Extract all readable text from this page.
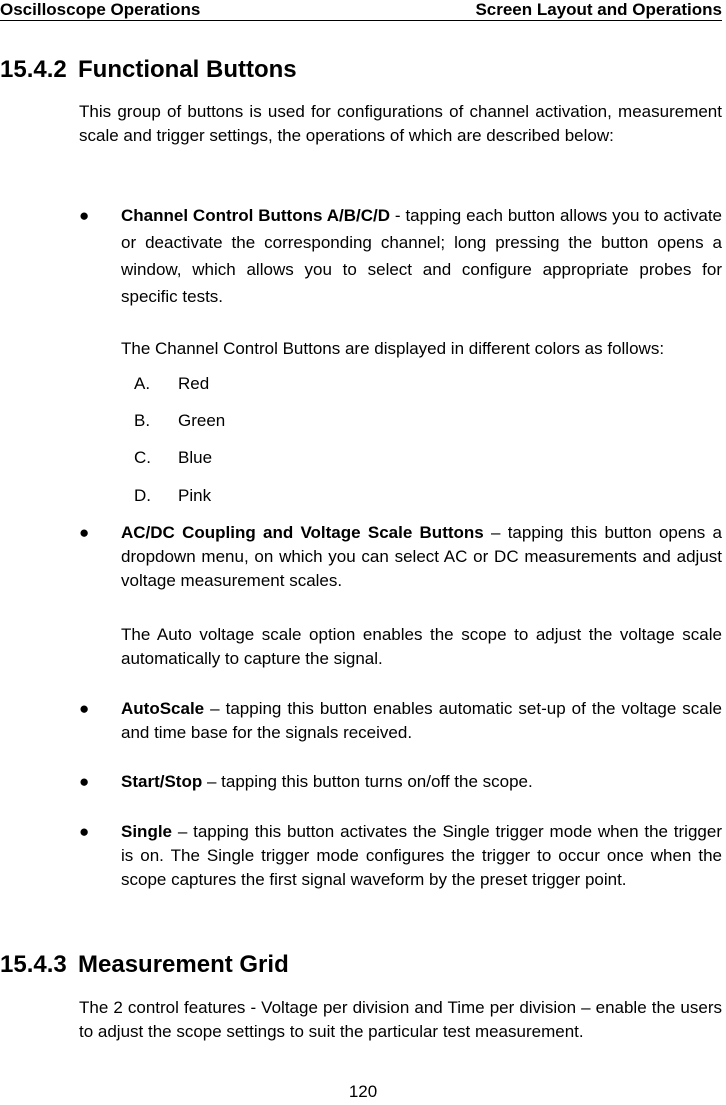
Oscilloscope Operations	Screen Layout and Operations
15.4.2 Functional Buttons

This group of buttons is used for configurations of channel activation, measurement scale and trigger settings, the operations of which are described below:

●	Channel Control Buttons A/B/C/D - tapping each button allows you to activate or deactivate the corresponding channel; long pressing the button opens a window, which allows you to select and configure appropriate probes for specific tests.

The Channel Control Buttons are displayed in different colors as follows:

A.	Red
B.	Green
C.	Blue
D.	Pink
●	AC/DC Coupling and Voltage Scale Buttons – tapping this button opens a dropdown menu, on which you can select AC or DC measurements and adjust voltage measurement scales.

The Auto voltage scale option enables the scope to adjust the voltage scale automatically to capture the signal.

●	AutoScale – tapping this button enables automatic set-up of the voltage scale and time base for the signals received.

●	Start/Stop – tapping this button turns on/off the scope.

●	Single – tapping this button activates the Single trigger mode when the trigger is on. The Single trigger mode configures the trigger to occur once when the scope captures the first signal waveform by the preset trigger point.

15.4.3 Measurement Grid

The 2 control features - Voltage per division and Time per division – enable the users to adjust the scope settings to suit the particular test measurement.

120
